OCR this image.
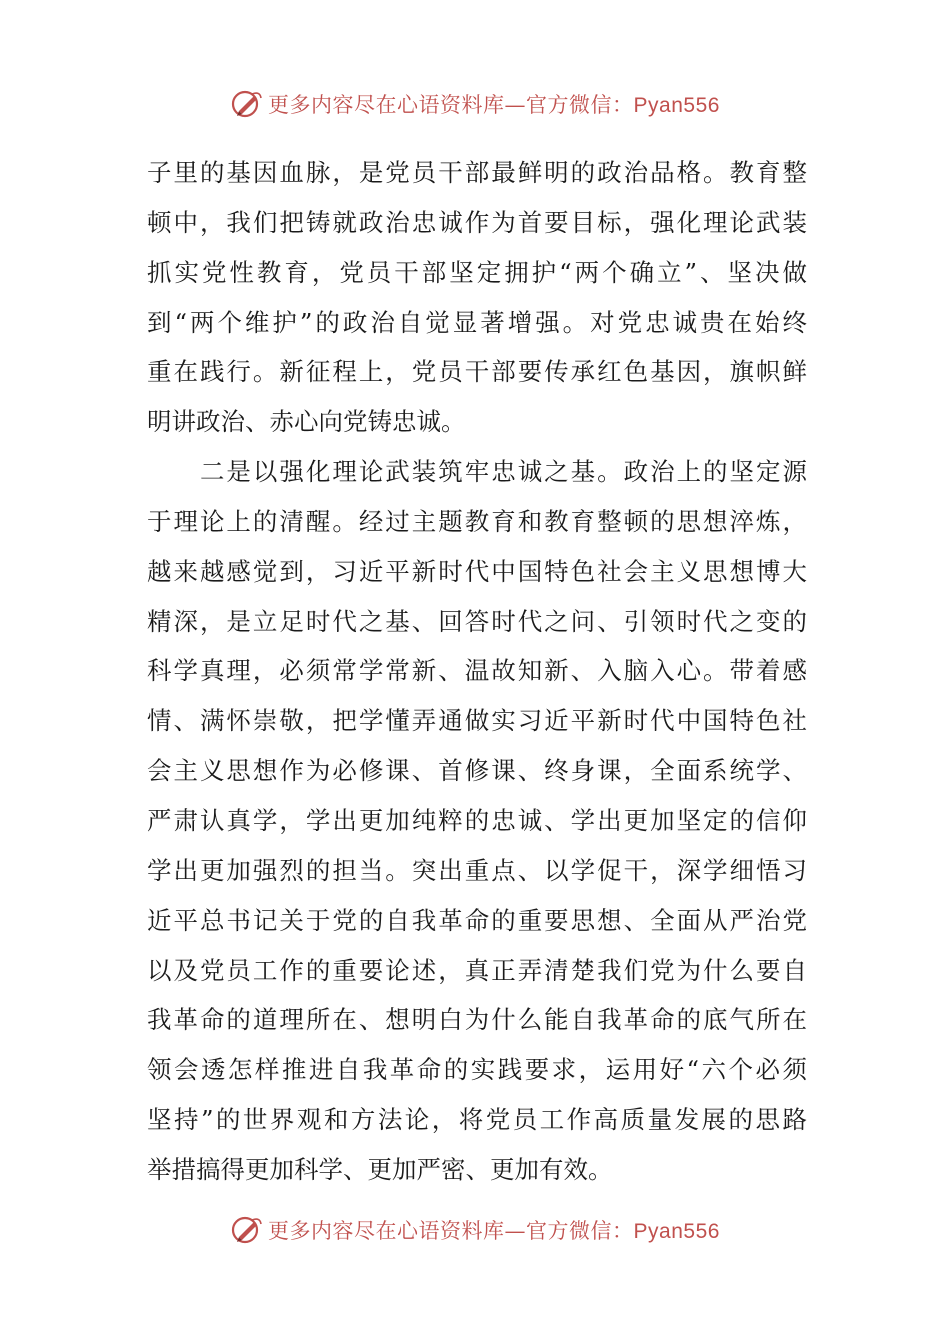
更多内容尽在心语资料库—官方微信：Pyan556
子里的基因血脉，是党员干部最鲜明的政治品格。教育整
顿中，我们把铸就政治忠诚作为首要目标，强化理论武装
抓实党性教育，党员干部坚定拥护“两个确立”、坚决做
到“两个维护”的政治自觉显著增强。对党忠诚贵在始终
重在践行。新征程上，党员干部要传承红色基因，旗帜鲜
明讲政治、赤心向党铸忠诚。
　　二是以强化理论武装筑牢忠诚之基。政治上的坚定源
于理论上的清醒。经过主题教育和教育整顿的思想淬炼，
越来越感觉到，习近平新时代中国特色社会主义思想博大
精深，是立足时代之基、回答时代之问、引领时代之变的
科学真理，必须常学常新、温故知新、入脑入心。带着感
情、满怀崇敬，把学懂弄通做实习近平新时代中国特色社
会主义思想作为必修课、首修课、终身课，全面系统学、
严肃认真学，学出更加纯粹的忠诚、学出更加坚定的信仰
学出更加强烈的担当。突出重点、以学促干，深学细悟习
近平总书记关于党的自我革命的重要思想、全面从严治党
以及党员工作的重要论述，真正弄清楚我们党为什么要自
我革命的道理所在、想明白为什么能自我革命的底气所在
领会透怎样推进自我革命的实践要求，运用好“六个必须
坚持”的世界观和方法论，将党员工作高质量发展的思路
举措搞得更加科学、更加严密、更加有效。
更多内容尽在心语资料库—官方微信：Pyan556
